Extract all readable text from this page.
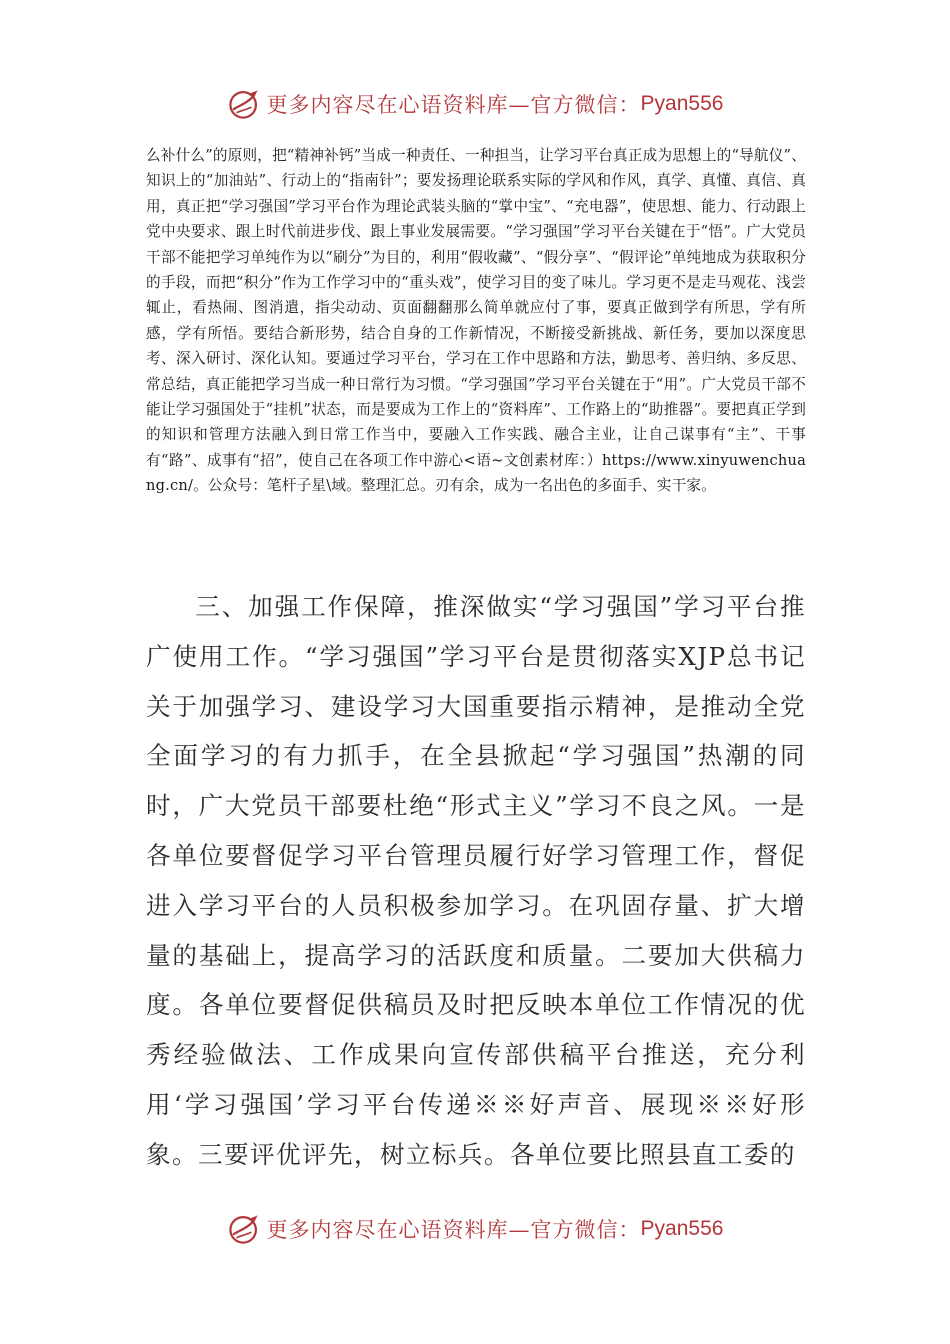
更多内容尽在心语资料库—官方微信： Pyan556

么补什么”的原则，把“精神补钙”当成一种责任、一种担当，让学习平台真正成为思想上的“导航仪”、知识上的“加油站”、行动上的“指南针”；要发扬理论联系实际的学风和作风，真学、真懂、真信、真用，真正把“学习强国”学习平台作为理论武装头脑的“掌中宝”、“充电器”，使思想、能力、行动跟上党中央要求、跟上时代前进步伐、跟上事业发展需要。“学习强国”学习平台关键在于“悟”。广大党员干部不能把学习单纯作为以“刷分”为目的，利用“假收藏”、“假分享”、“假评论”单纯地成为获取积分的手段，而把“积分”作为工作学习中的“重头戏”，使学习目的变了味儿。学习更不是走马观花、浅尝辄止，看热闹、图消遣，指尖动动、页面翻翻那么简单就应付了事，要真正做到学有所思，学有所感，学有所悟。要结合新形势，结合自身的工作新情况，不断接受新挑战、新任务，要加以深度思考、深入研讨、深化认知。要通过学习平台，学习在工作中思路和方法，勤思考、善归纳、多反思、常总结，真正能把学习当成一种日常行为习惯。“学习强国”学习平台关键在于“用”。广大党员干部不能让学习强国处于“挂机”状态，而是要成为工作上的“资料库”、工作路上的“助推器”。要把真正学到的知识和管理方法融入到日常工作当中，要融入工作实践、融合主业，让自己谋事有“主”、干事有“路”、成事有“招”，使自己在各项工作中游心<语~文创素材库：）https://www.xinyuwenchuang.cn/。公众号：笔杆子星\域。整理汇总。刃有余，成为一名出色的多面手、实干家。

三、加强工作保障，推深做实“学习强国”学习平台推广使用工作。“学习强国”学习平台是贯彻落实XJP总书记关于加强学习、建设学习大国重要指示精神，是推动全党全面学习的有力抓手，在全县掀起“学习强国”热潮的同时，广大党员干部要杜绝“形式主义”学习不良之风。一是各单位要督促学习平台管理员履行好学习管理工作，督促进入学习平台的人员积极参加学习。在巩固存量、扩大增量的基础上，提高学习的活跃度和质量。二要加大供稿力度。各单位要督促供稿员及时把反映本单位工作情况的优秀经验做法、工作成果向宣传部供稿平台推送，充分利用‘学习强国’学习平台传递※※好声音、展现※※好形象。三要评优评先，树立标兵。各单位要比照县直工委的

更多内容尽在心语资料库—官方微信： Pyan556
